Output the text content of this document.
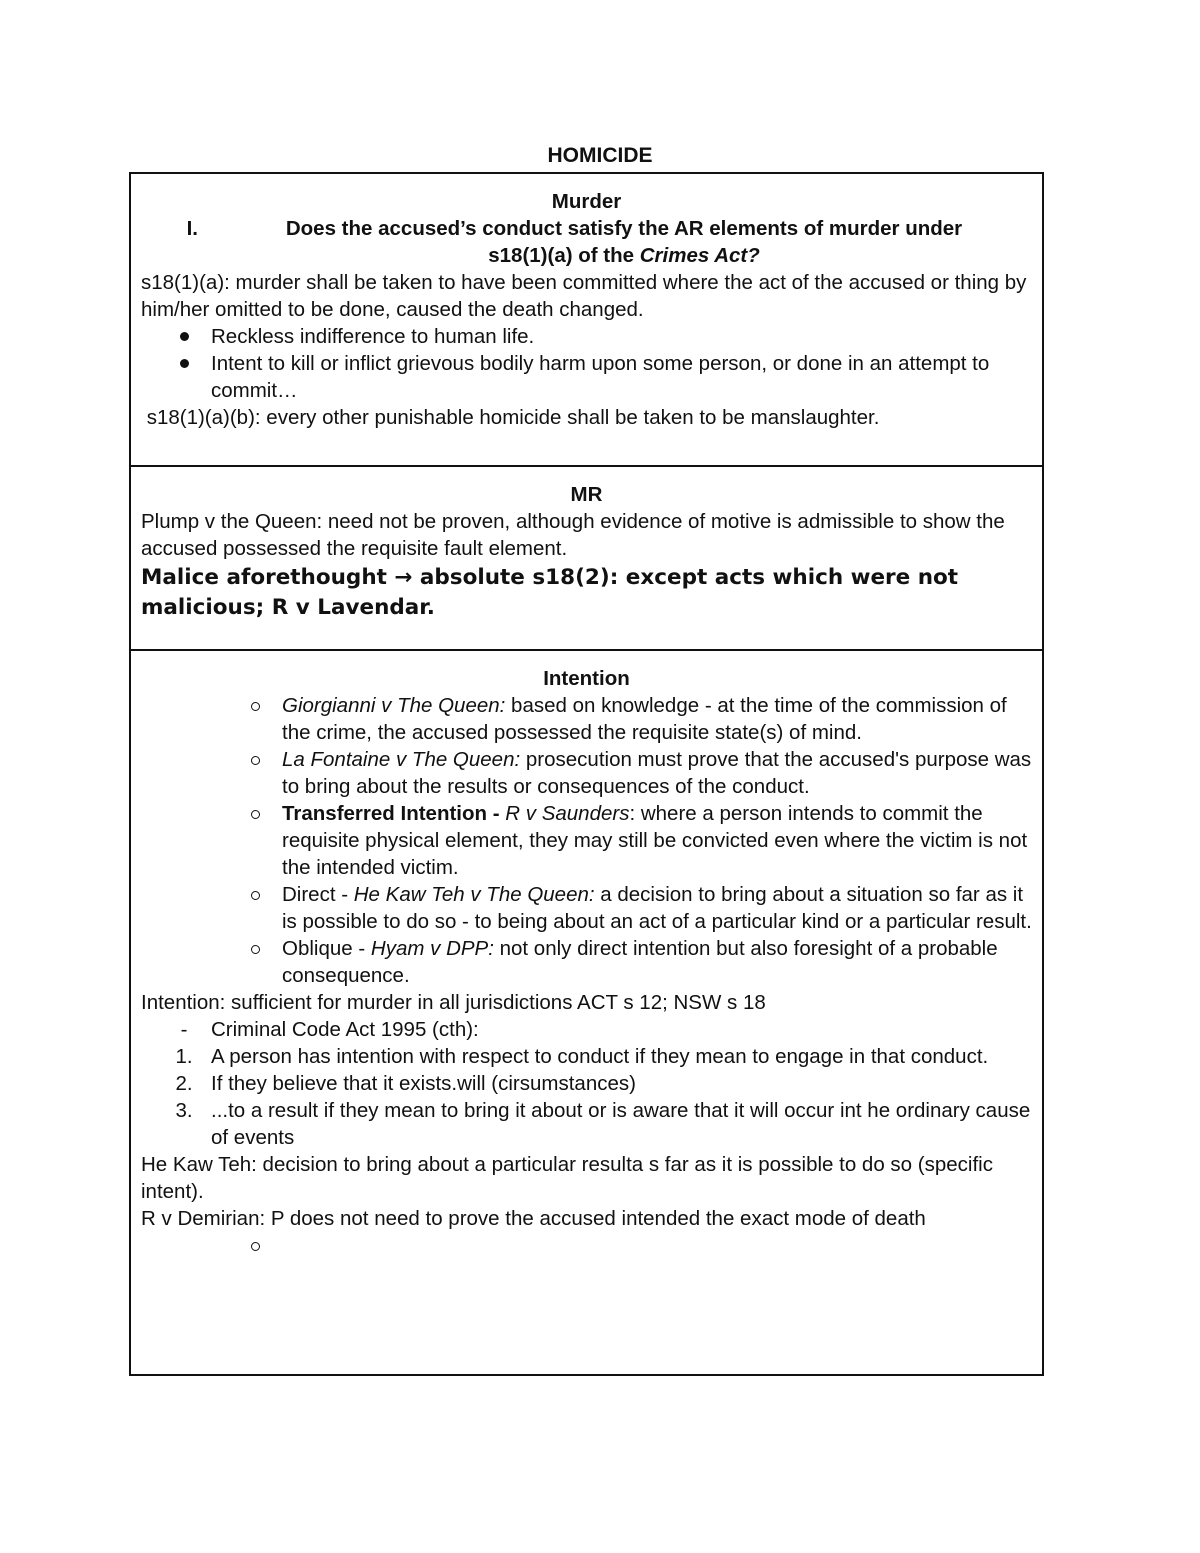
HOMICIDE
Murder
I.	Does the accused’s conduct satisfy the AR elements of murder under
s18(1)(a) of the Crimes Act?

s18(1)(a): murder shall be taken to have been committed where the act of the accused or thing by him/her omitted to be done, caused the death changed.

Reckless indifference to human life.
Intent to kill or inflict grievous bodily harm upon some person, or done in an attempt to commit…

s18(1)(a)(b): every other punishable homicide shall be taken to be manslaughter.

MR

Plump v the Queen: need not be proven, although evidence of motive is admissible to show the accused possessed the requisite fault element.

Malice aforethought → absolute s18(2): except acts which were not malicious; R v Lavendar.

Intention
Giorgianni v The Queen: based on knowledge - at the time of the commission of the crime, the accused possessed the requisite state(s) of mind.
La Fontaine v The Queen: prosecution must prove that the accused's purpose was to bring about the results or consequences of the conduct.
Transferred Intention - R v Saunders: where a person intends to commit the requisite physical element, they may still be convicted even where the victim is not the intended victim.
Direct - He Kaw Teh v The Queen: a decision to bring about a situation so far as it is possible to do so - to being about an act of a particular kind or a particular result.
Oblique - Hyam v DPP: not only direct intention but also foresight of a probable consequence.

Intention: sufficient for murder in all jurisdictions ACT s 12; NSW s 18

-	Criminal Code Act 1995 (cth):
1. A person has intention with respect to conduct if they mean to engage in that conduct.
2. If they believe that it exists.will (cirsumstances)
3. ...to a result if they mean to bring it about or is aware that it will occur int he ordinary cause of events

He Kaw Teh: decision to bring about a particular resulta s far as it is possible to do so (specific intent).

R v Demirian: P does not need to prove the accused intended the exact mode of death
